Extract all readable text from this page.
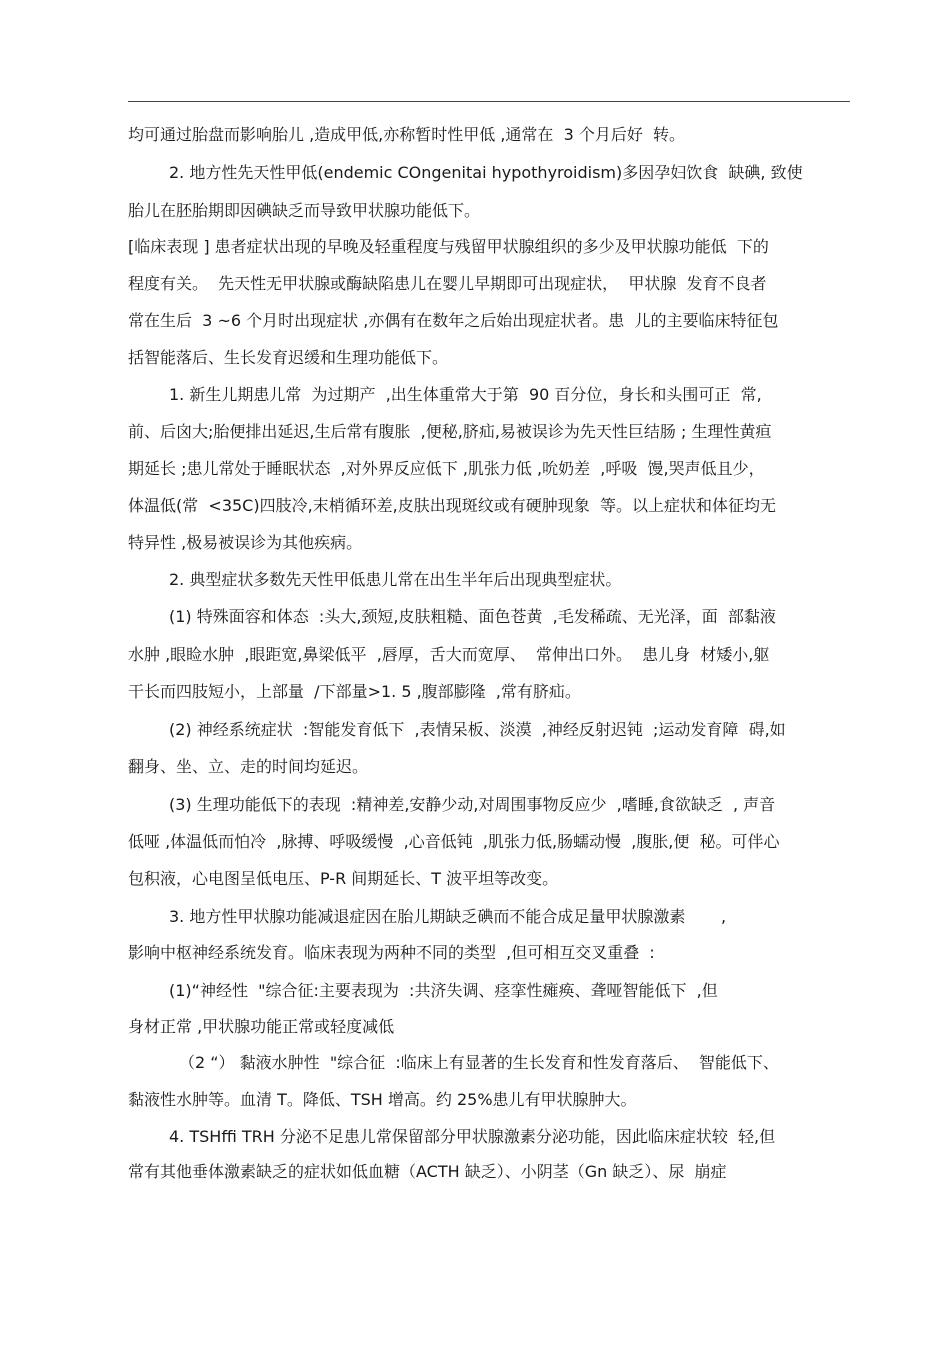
均可通过胎盘而影响胎儿 ,造成甲低,亦称暂时性甲低 ,通常在  3 个月后好  转。
2. 地方性先天性甲低(endemic COngenitai hypothyroidism)多因孕妇饮食  缺碘, 致使
胎儿在胚胎期即因碘缺乏而导致甲状腺功能低下。
[临床表现 ] 患者症状出现的早晚及轻重程度与残留甲状腺组织的多少及甲状腺功能低  下的
程度有关。  先天性无甲状腺或酶缺陷患儿在婴儿早期即可出现症状，  甲状腺  发育不良者
常在生后  3 ~6 个月时出现症状 ,亦偶有在数年之后始出现症状者。患  儿的主要临床特征包
括智能落后、生长发育迟缓和生理功能低下。
1. 新生儿期患儿常  为过期产  ,出生体重常大于第  90 百分位，身长和头围可正  常,
前、后囟大;胎便排出延迟,生后常有腹胀  ,便秘,脐疝,易被误诊为先天性巨结肠 ; 生理性黄疸
期延长 ;患儿常处于睡眠状态  ,对外界反应低下 ,肌张力低 ,吮奶差  ,呼吸  馒,哭声低且少，
体温低(常  <35C)四肢冷,末梢循环差,皮肤出现斑纹或有硬肿现象  等。以上症状和体征均无
特异性 ,极易被误诊为其他疾病。
2. 典型症状多数先天性甲低患儿常在出生半年后出现典型症状。
(1) 特殊面容和体态  :头大,颈短,皮肤粗糙、面色苍黄  ,毛发稀疏、无光泽，面  部黏液
水肿 ,眼睑水肿  ,眼距宽,鼻梁低平  ,唇厚，舌大而宽厚、  常伸出口外。  患儿身  材矮小,躯
干长而四肢短小，上部量  /下部量>1. 5 ,腹部膨隆  ,常有脐疝。
(2) 神经系统症状  :智能发育低下  ,表情呆板、淡漠  ,神经反射迟钝  ;运动发育障  碍,如
翻身、坐、立、走的时间均延迟。
(3) 生理功能低下的表现  :精神差,安静少动,对周围事物反应少  ,嗜睡,食欲缺乏  , 声音
低哑 ,体温低而怕冷  ,脉搏、呼吸缓慢  ,心音低钝  ,肌张力低,肠蠕动慢  ,腹胀,便  秘。可伴心
包积液，心电图呈低电压、P-R 间期延长、T 波平坦等改变。
3. 地方性甲状腺功能减退症因在胎儿期缺乏碘而不能合成足量甲状腺激素       ,
影响中枢神经系统发育。临床表现为两种不同的类型  ,但可相互交叉重叠  :
(1)“神经性  "综合征:主要表现为  :共济失调、痉挛性瘫痪、聋哑智能低下  ,但
身材正常 ,甲状腺功能正常或轻度减低
（2 “） 黏液水肿性  "综合征  :临床上有显著的生长发育和性发育落后、  智能低下、
黏液性水肿等。血清 T。降低、TSH 增高。约 25%患儿有甲状腺肿大。
4. TSHffi TRH 分泌不足患儿常保留部分甲状腺激素分泌功能，因此临床症状较  轻,但
常有其他垂体激素缺乏的症状如低血糖（ACTH 缺乏）、小阴茎（Gn 缺乏）、尿  崩症
